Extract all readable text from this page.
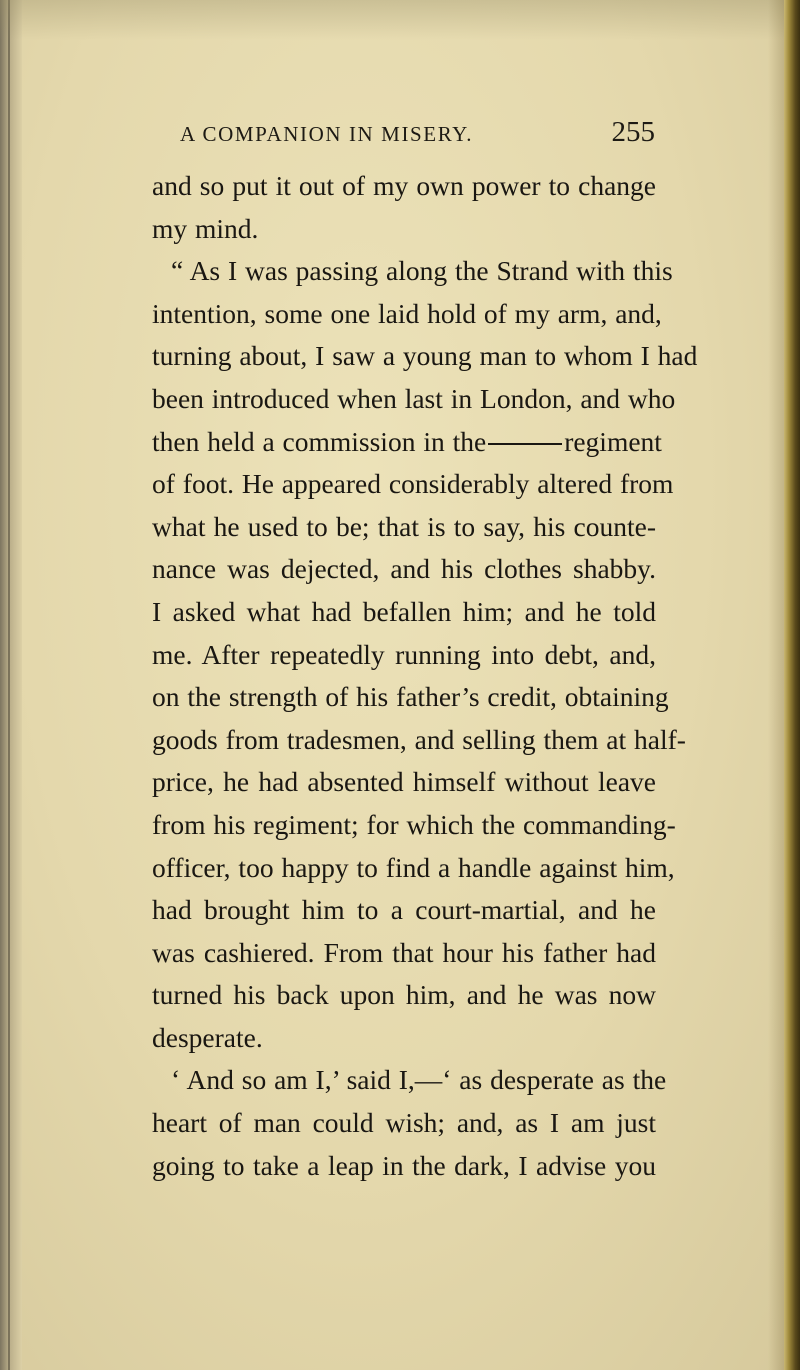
A COMPANION IN MISERY.	255
and so put it out of my own power to change
my mind.
“ As I was passing along the Strand with this
intention, some one laid hold of my arm, and,
turning about, I saw a young man to whom I had
been introduced when last in London, and who
then held a commission in the	regiment
of foot. He appeared considerably altered from
what he used to be; that is to say, his counte-
nance was dejected, and his clothes shabby.
I asked what had befallen him; and he told
me. After repeatedly running into debt, and,
on the strength of his father’s credit, obtaining
goods from tradesmen, and selling them at half-
price, he had absented himself without leave
from his regiment; for which the commanding-
officer, too happy to find a handle against him,
had brought him to a court-martial, and he
was cashiered. From that hour his father had
turned his back upon him, and he was now
desperate.
‘ And so am I,’ said I,—‘ as desperate as the
heart of man could wish; and, as I am just
going to take a leap in the dark, I advise you
